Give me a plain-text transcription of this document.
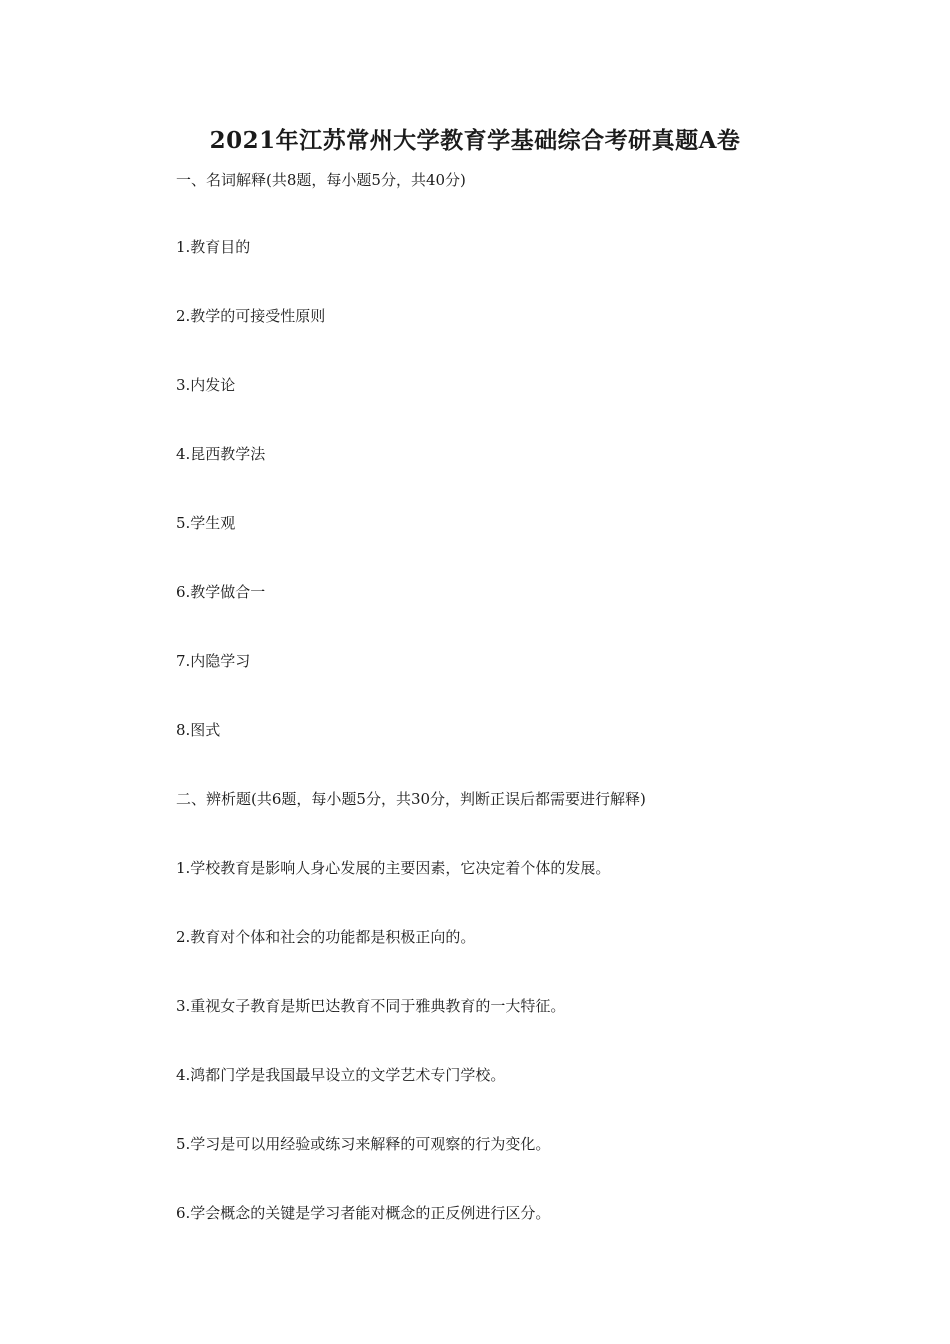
2021年江苏常州大学教育学基础综合考研真题A卷
一、名词解释(共8题，每小题5分，共40分)
1.教育目的
2.教学的可接受性原则
3.内发论
4.昆西教学法
5.学生观
6.教学做合一
7.内隐学习
8.图式
二、辨析题(共6题，每小题5分，共30分，判断正误后都需要进行解释)
1.学校教育是影响人身心发展的主要因素，它决定着个体的发展。
2.教育对个体和社会的功能都是积极正向的。
3.重视女子教育是斯巴达教育不同于雅典教育的一大特征。
4.鸿都门学是我国最早设立的文学艺术专门学校。
5.学习是可以用经验或练习来解释的可观察的行为变化。
6.学会概念的关键是学习者能对概念的正反例进行区分。
